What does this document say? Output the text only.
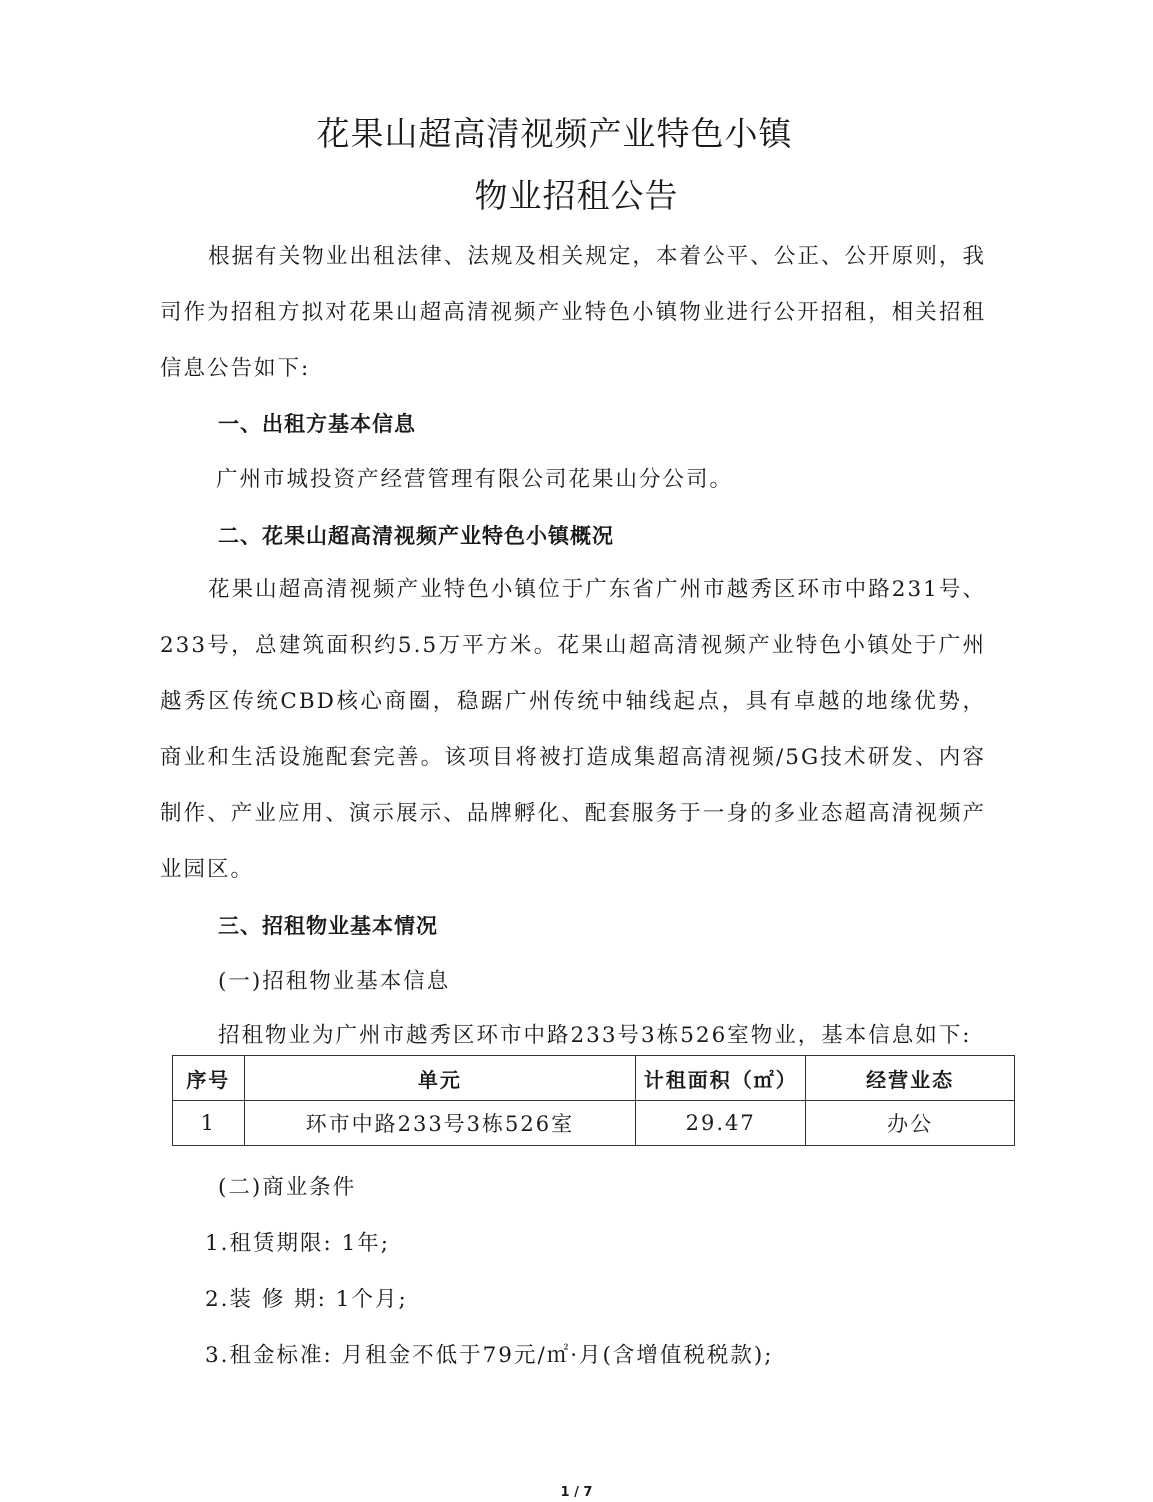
花果山超高清视频产业特色小镇
物业招租公告

根据有关物业出租法律、法规及相关规定，本着公平、公正、公开原则，我司作为招租方拟对花果山超高清视频产业特色小镇物业进行公开招租，相关招租信息公告如下:

一、出租方基本信息
广州市城投资产经营管理有限公司花果山分公司。
二、花果山超高清视频产业特色小镇概况

花果山超高清视频产业特色小镇位于广东省广州市越秀区环市中路231号、233号，总建筑面积约5.5万平方米。花果山超高清视频产业特色小镇处于广州越秀区传统CBD核心商圈，稳踞广州传统中轴线起点，具有卓越的地缘优势，商业和生活设施配套完善。该项目将被打造成集超高清视频/5G技术研发、内容制作、产业应用、演示展示、品牌孵化、配套服务于一身的多业态超高清视频产业园区。

三、招租物业基本情况
(一)招租物业基本信息
招租物业为广州市越秀区环市中路233号3栋526室物业，基本信息如下:
序号	单元	计租面积（㎡）	经营业态
1	环市中路233号3栋526室	29.47	办公
(二)商业条件
1.租赁期限: 1年;
2.装 修 期: 1个月;
3.租金标准: 月租金不低于79元/㎡·月(含增值税税款);
1 / 7
